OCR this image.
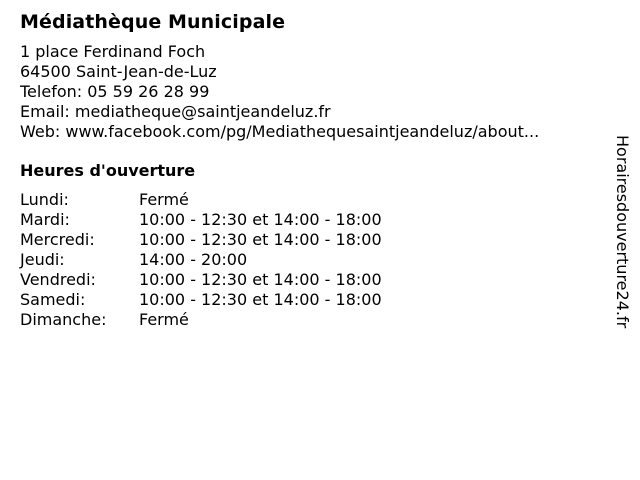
Médiathèque Municipale
1 place Ferdinand Foch
64500 Saint-Jean-de-Luz
Telefon: 05 59 26 28 99
Email: mediatheque@saintjeandeluz.fr
Web: www.facebook.com/pg/Mediathequesaintjeandeluz/about...
Heures d'ouverture
Lundi:	Fermé
Mardi:	10:00 - 12:30 et 14:00 - 18:00
Mercredi:	10:00 - 12:30 et 14:00 - 18:00
Jeudi:	14:00 - 20:00
Vendredi:	10:00 - 12:30 et 14:00 - 18:00
Samedi:	10:00 - 12:30 et 14:00 - 18:00
Dimanche:	Fermé	Horairesdouverture24.fr
